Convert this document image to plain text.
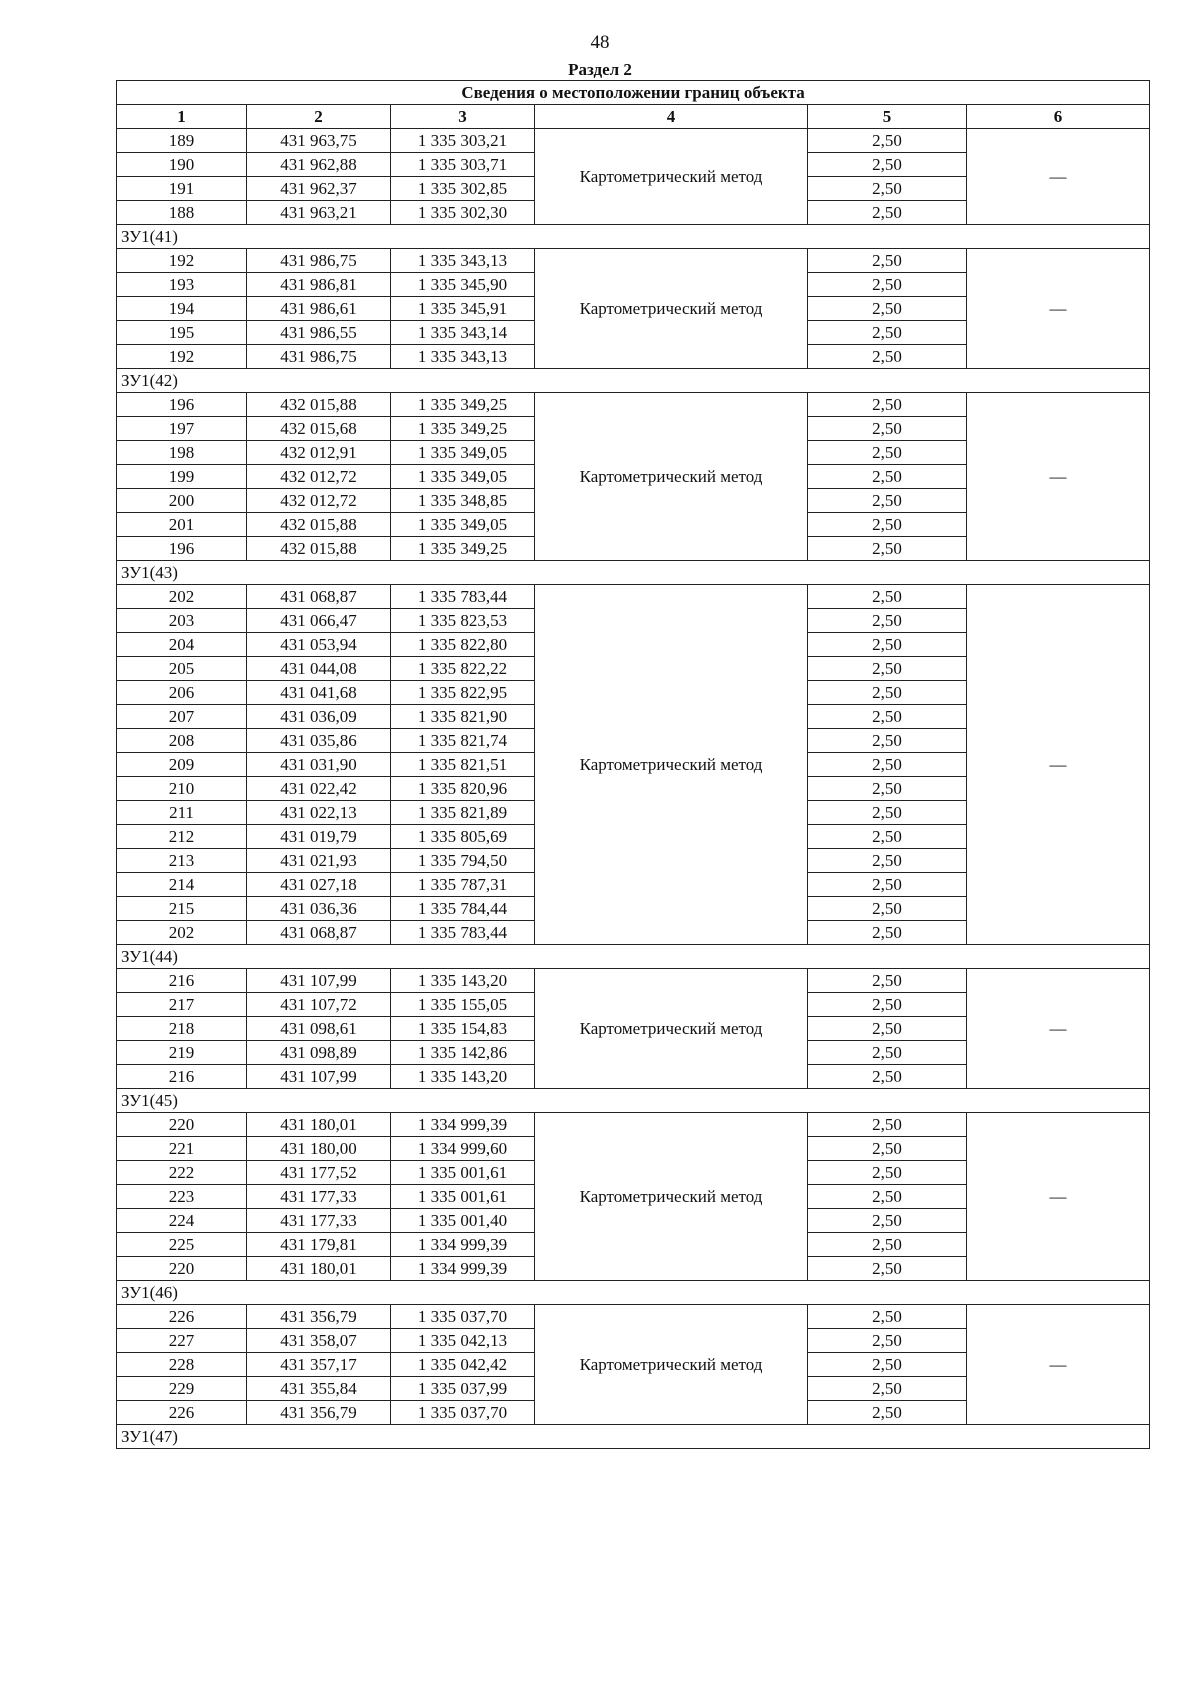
48
Раздел 2
Сведения о местоположении границ объекта					
1	2	3	4	5	6
189	431 963,75	1 335 303,21	Картометрический метод	2,50	—
190	431 962,88	1 335 303,71		2,50	
191	431 962,37	1 335 302,85		2,50	
188	431 963,21	1 335 302,30		2,50	
ЗУ1(41)					
192	431 986,75	1 335 343,13	Картометрический метод	2,50	—
193	431 986,81	1 335 345,90		2,50	
194	431 986,61	1 335 345,91		2,50	
195	431 986,55	1 335 343,14		2,50	
192	431 986,75	1 335 343,13		2,50	
ЗУ1(42)					
196	432 015,88	1 335 349,25	Картометрический метод	2,50	—
197	432 015,68	1 335 349,25		2,50	
198	432 012,91	1 335 349,05		2,50	
199	432 012,72	1 335 349,05		2,50	
200	432 012,72	1 335 348,85		2,50	
201	432 015,88	1 335 349,05		2,50	
196	432 015,88	1 335 349,25		2,50	
ЗУ1(43)					
202	431 068,87	1 335 783,44	Картометрический метод	2,50	—
203	431 066,47	1 335 823,53		2,50	
204	431 053,94	1 335 822,80		2,50	
205	431 044,08	1 335 822,22		2,50	
206	431 041,68	1 335 822,95		2,50	
207	431 036,09	1 335 821,90		2,50	
208	431 035,86	1 335 821,74		2,50	
209	431 031,90	1 335 821,51		2,50	
210	431 022,42	1 335 820,96		2,50	
211	431 022,13	1 335 821,89		2,50	
212	431 019,79	1 335 805,69		2,50	
213	431 021,93	1 335 794,50		2,50	
214	431 027,18	1 335 787,31		2,50	
215	431 036,36	1 335 784,44		2,50	
202	431 068,87	1 335 783,44		2,50	
ЗУ1(44)					
216	431 107,99	1 335 143,20	Картометрический метод	2,50	—
217	431 107,72	1 335 155,05		2,50	
218	431 098,61	1 335 154,83		2,50	
219	431 098,89	1 335 142,86		2,50	
216	431 107,99	1 335 143,20		2,50	
ЗУ1(45)					
220	431 180,01	1 334 999,39	Картометрический метод	2,50	—
221	431 180,00	1 334 999,60		2,50	
222	431 177,52	1 335 001,61		2,50	
223	431 177,33	1 335 001,61		2,50	
224	431 177,33	1 335 001,40		2,50	
225	431 179,81	1 334 999,39		2,50	
220	431 180,01	1 334 999,39		2,50	
ЗУ1(46)					
226	431 356,79	1 335 037,70	Картометрический метод	2,50	—
227	431 358,07	1 335 042,13		2,50	
228	431 357,17	1 335 042,42		2,50	
229	431 355,84	1 335 037,99		2,50	
226	431 356,79	1 335 037,70		2,50	
ЗУ1(47)					
